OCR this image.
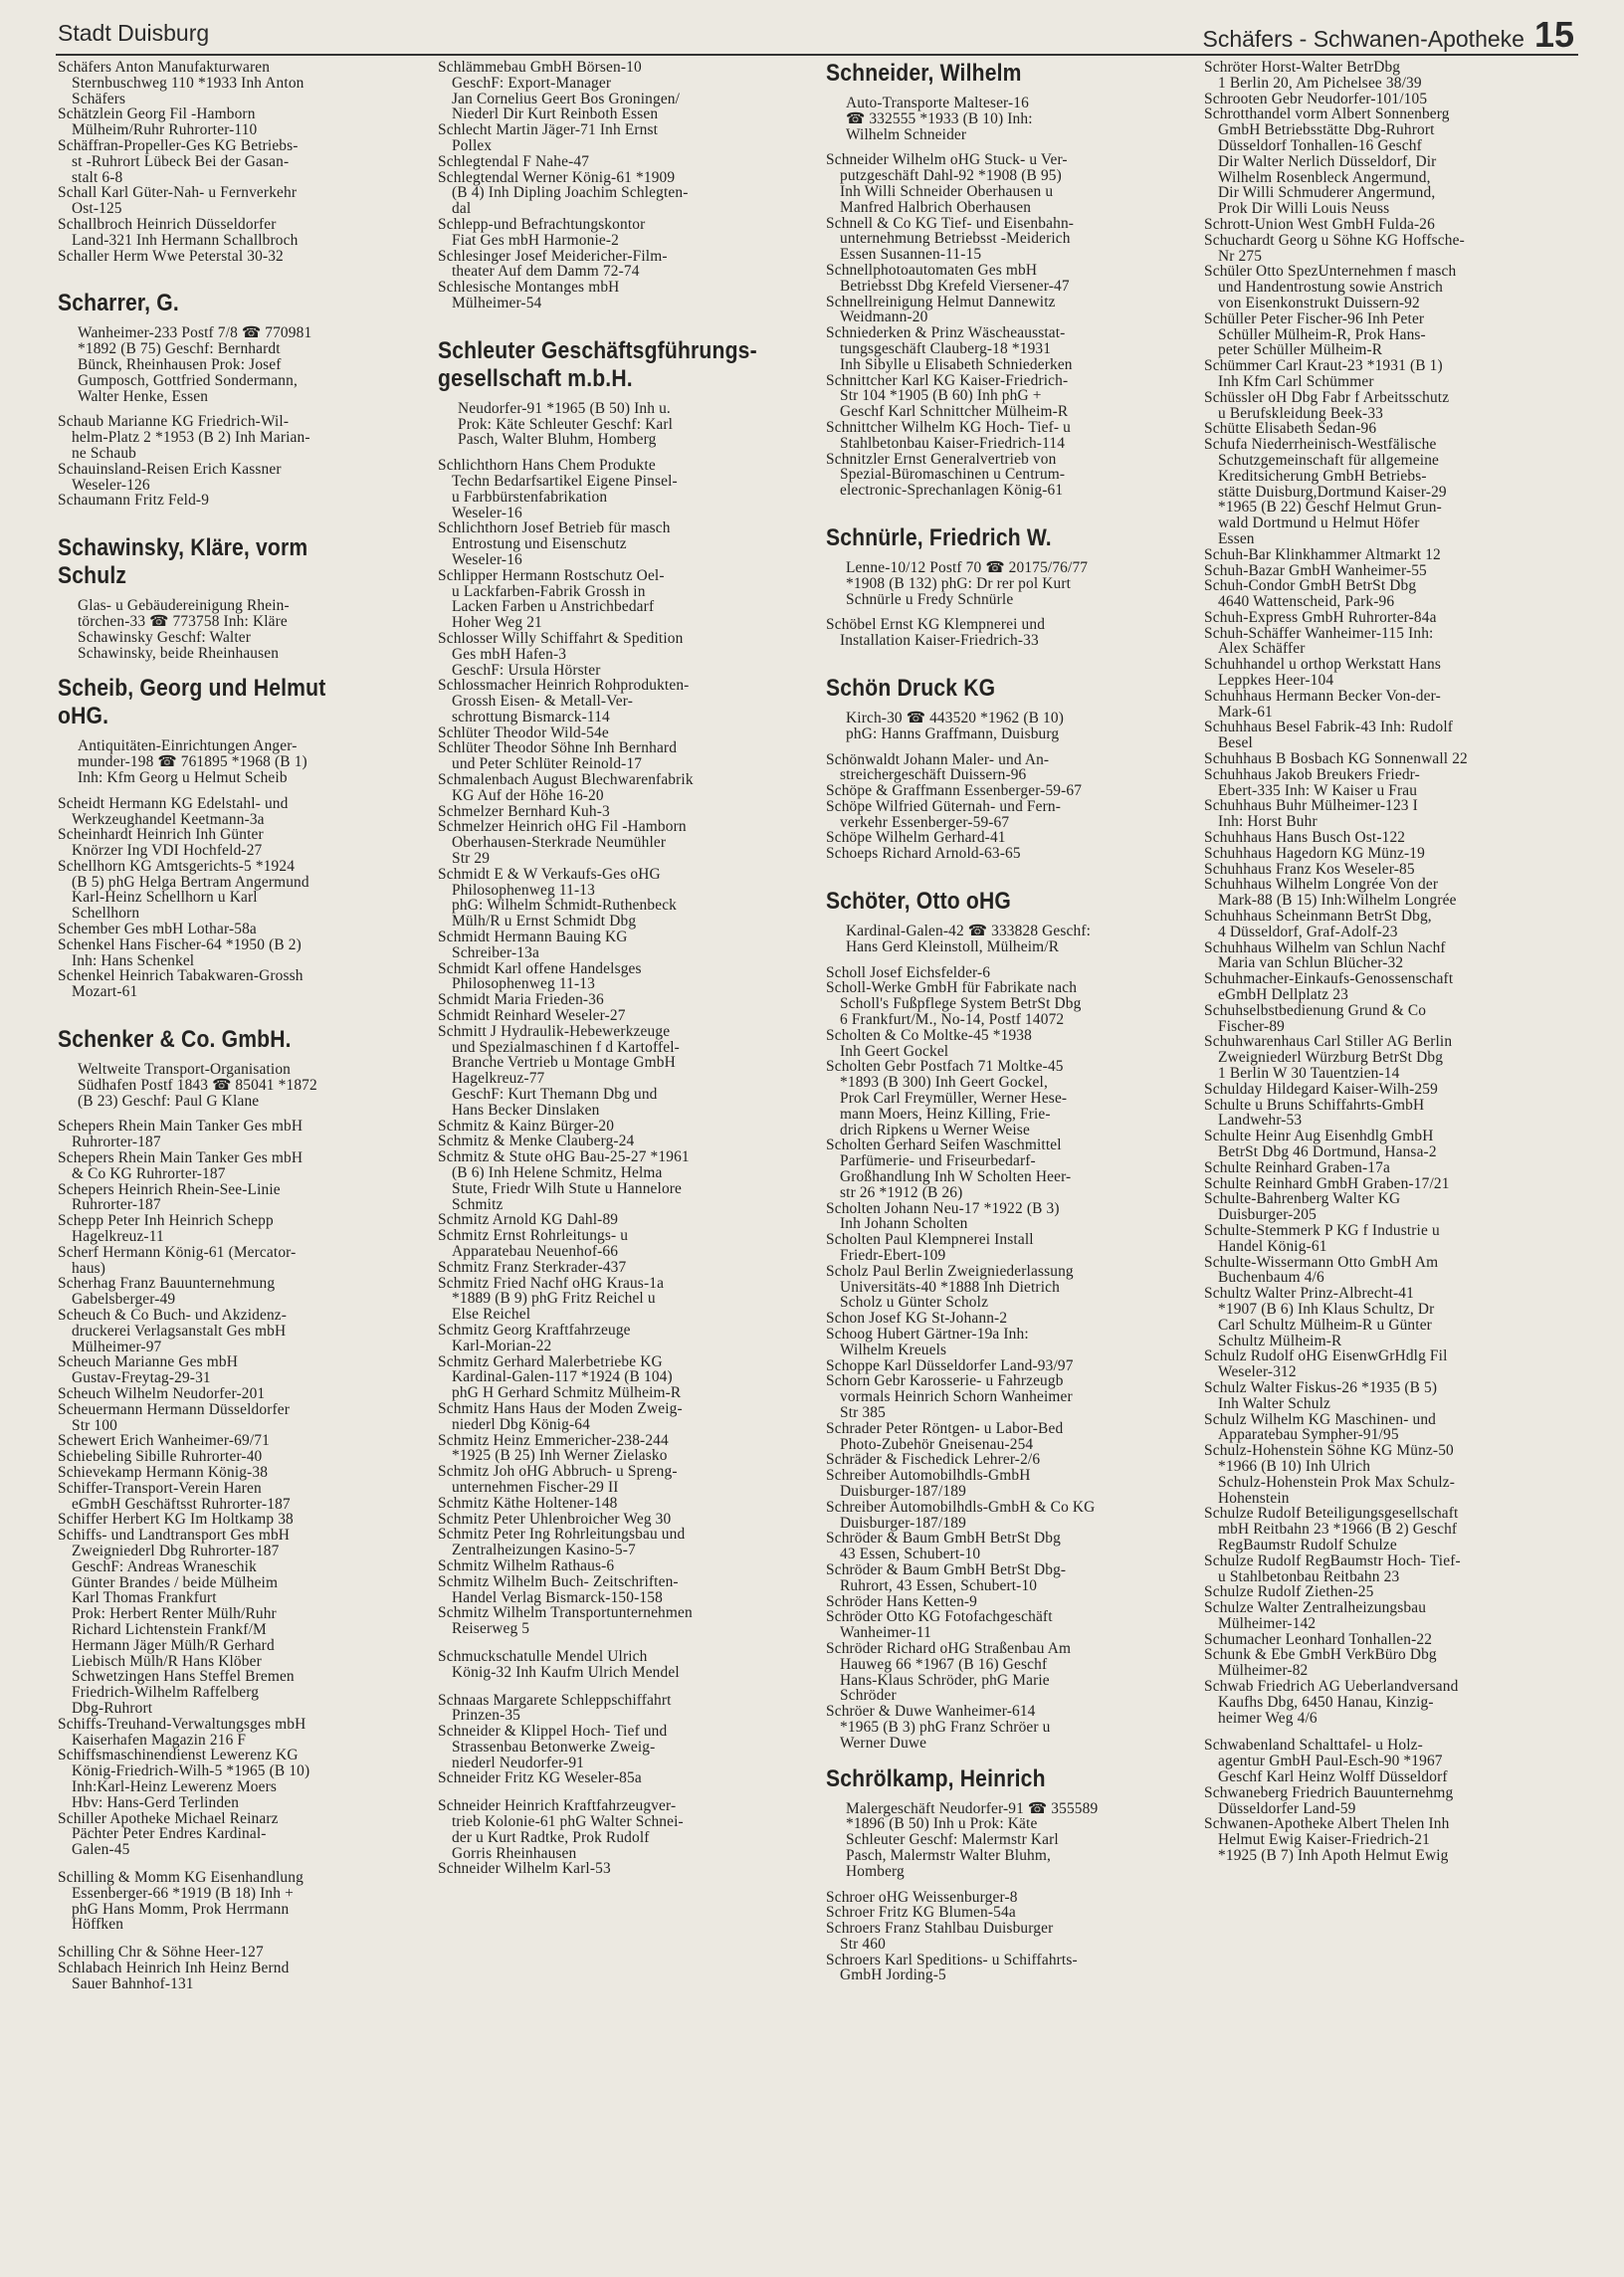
Stadt Duisburg	Schäfers - Schwanen-Apotheke 15
Schäfers Anton Manufakturwaren
Sternbuschweg 110 *1933 Inh Anton
Schäfers
Schätzlein Georg Fil -Hamborn
Mülheim/Ruhr Ruhrorter-110
Schäffran-Propeller-Ges KG Betriebs-
st -Ruhrort Lübeck Bei der Gasan-
stalt 6-8
Schall Karl Güter-Nah- u Fernverkehr
Ost-125
Schallbroch Heinrich Düsseldorfer
Land-321 Inh Hermann Schallbroch
Schaller Herm Wwe Peterstal 30-32
Scharrer, G.
Wanheimer-233 Postf 7/8 ☎ 770981
*1892 (B 75) Geschf: Bernhardt
Bünck, Rheinhausen Prok: Josef
Gumposch, Gottfried Sondermann,
Walter Henke, Essen
Schaub Marianne KG Friedrich-Wil-
helm-Platz 2 *1953 (B 2) Inh Marian-
ne Schaub
Schauinsland-Reisen Erich Kassner
Weseler-126
Schaumann Fritz Feld-9
Schawinsky, Kläre, vorm Schulz
Glas- u Gebäudereinigung Rhein-
törchen-33 ☎ 773758 Inh: Kläre
Schawinsky Geschf: Walter
Schawinsky, beide Rheinhausen
Scheib, Georg und Helmut oHG.
Antiquitäten-Einrichtungen Anger-
munder-198 ☎ 761895 *1968 (B 1)
Inh: Kfm Georg u Helmut Scheib
Scheidt Hermann KG Edelstahl- und
Werkzeughandel Keetmann-3a
Scheinhardt Heinrich Inh Günter
Knörzer Ing VDI Hochfeld-27
Schellhorn KG Amtsgerichts-5 *1924
(B 5) phG Helga Bertram Angermund
Karl-Heinz Schellhorn u Karl
Schellhorn
Schember Ges mbH Lothar-58a
Schenkel Hans Fischer-64 *1950 (B 2)
Inh: Hans Schenkel
Schenkel Heinrich Tabakwaren-Grossh
Mozart-61
Schenker & Co. GmbH.
Weltweite Transport-Organisation
Südhafen Postf 1843 ☎ 85041 *1872
(B 23) Geschf: Paul G Klane
Schepers Rhein Main Tanker Ges mbH
Ruhrorter-187
Schepers Rhein Main Tanker Ges mbH
& Co KG Ruhrorter-187
Schepers Heinrich Rhein-See-Linie
Ruhrorter-187
Schepp Peter Inh Heinrich Schepp
Hagelkreuz-11
Scherf Hermann König-61 (Mercator-
haus)
Scherhag Franz Bauunternehmung
Gabelsberger-49
Scheuch & Co Buch- und Akzidenz-
druckerei Verlagsanstalt Ges mbH
Mülheimer-97
Scheuch Marianne Ges mbH
Gustav-Freytag-29-31
Scheuch Wilhelm Neudorfer-201
Scheuermann Hermann Düsseldorfer
Str 100
Schewert Erich Wanheimer-69/71
Schiebeling Sibille Ruhrorter-40
Schievekamp Hermann König-38
Schiffer-Transport-Verein Haren
eGmbH Geschäftsst Ruhrorter-187
Schiffer Herbert KG Im Holtkamp 38
Schiffs- und Landtransport Ges mbH
Zweigniederl Dbg Ruhrorter-187
GeschF: Andreas Wraneschik
Günter Brandes / beide Mülheim
Karl Thomas Frankfurt
Prok: Herbert Renter Mülh/Ruhr
Richard Lichtenstein Frankf/M
Hermann Jäger Mülh/R Gerhard
Liebisch Mülh/R Hans Klöber
Schwetzingen Hans Steffel Bremen
Friedrich-Wilhelm Raffelberg
Dbg-Ruhrort
Schiffs-Treuhand-Verwaltungsges mbH
Kaiserhafen Magazin 216 F
Schiffsmaschinendienst Lewerenz KG
König-Friedrich-Wilh-5 *1965 (B 10)
Inh:Karl-Heinz Lewerenz Moers
Hbv: Hans-Gerd Terlinden
Schiller Apotheke Michael Reinarz
Pächter Peter Endres Kardinal-
Galen-45
Schilling & Momm KG Eisenhandlung
Essenberger-66 *1919 (B 18) Inh +
phG Hans Momm, Prok Herrmann
Höffken
Schilling Chr & Söhne Heer-127
Schlabach Heinrich Inh Heinz Bernd
Sauer Bahnhof-131
Schlämmebau GmbH Börsen-10
GeschF: Export-Manager
Jan Cornelius Geert Bos Groningen/
Niederl Dir Kurt Reinboth Essen
Schlecht Martin Jäger-71 Inh Ernst
Pollex
Schlegtendal F Nahe-47
Schlegtendal Werner König-61 *1909
(B 4) Inh Dipling Joachim Schlegten-
dal
Schlepp-und Befrachtungskontor
Fiat Ges mbH Harmonie-2
Schlesinger Josef Meidericher-Film-
theater Auf dem Damm 72-74
Schlesische Montanges mbH
Mülheimer-54
Schleuter Geschäftsgführungs-
gesellschaft m.b.H.
Neudorfer-91 *1965 (B 50) Inh u.
Prok: Käte Schleuter Geschf: Karl
Pasch, Walter Bluhm, Homberg
Schlichthorn Hans Chem Produkte
Techn Bedarfsartikel Eigene Pinsel-
u Farbbürstenfabrikation
Weseler-16
Schlichthorn Josef Betrieb für masch
Entrostung und Eisenschutz
Weseler-16
Schlipper Hermann Rostschutz Oel-
u Lackfarben-Fabrik Grossh in
Lacken Farben u Anstrichbedarf
Hoher Weg 21
Schlosser Willy Schiffahrt & Spedition
Ges mbH Hafen-3
GeschF: Ursula Hörster
Schlossmacher Heinrich Rohprodukten-
Grossh Eisen- & Metall-Ver-
schrottung Bismarck-114
Schlüter Theodor Wild-54e
Schlüter Theodor Söhne Inh Bernhard
und Peter Schlüter Reinold-17
Schmalenbach August Blechwarenfabrik
KG Auf der Höhe 16-20
Schmelzer Bernhard Kuh-3
Schmelzer Heinrich oHG Fil -Hamborn
Oberhausen-Sterkrade Neumühler
Str 29
Schmidt E & W Verkaufs-Ges oHG
Philosophenweg 11-13
phG: Wilhelm Schmidt-Ruthenbeck
Mülh/R u Ernst Schmidt Dbg
Schmidt Hermann Bauing KG
Schreiber-13a
Schmidt Karl offene Handelsges
Philosophenweg 11-13
Schmidt Maria Frieden-36
Schmidt Reinhard Weseler-27
Schmitt J Hydraulik-Hebewerkzeuge
und Spezialmaschinen f d Kartoffel-
Branche Vertrieb u Montage GmbH
Hagelkreuz-77
GeschF: Kurt Themann Dbg und
Hans Becker Dinslaken
Schmitz & Kainz Bürger-20
Schmitz & Menke Clauberg-24
Schmitz & Stute oHG Bau-25-27 *1961
(B 6) Inh Helene Schmitz, Helma
Stute, Friedr Wilh Stute u Hannelore
Schmitz
Schmitz Arnold KG Dahl-89
Schmitz Ernst Rohrleitungs- u
Apparatebau Neuenhof-66
Schmitz Franz Sterkrader-437
Schmitz Fried Nachf oHG Kraus-1a
*1889 (B 9) phG Fritz Reichel u
Else Reichel
Schmitz Georg Kraftfahrzeuge
Karl-Morian-22
Schmitz Gerhard Malerbetriebe KG
Kardinal-Galen-117 *1924 (B 104)
phG H Gerhard Schmitz Mülheim-R
Schmitz Hans Haus der Moden Zweig-
niederl Dbg König-64
Schmitz Heinz Emmericher-238-244
*1925 (B 25) Inh Werner Zielasko
Schmitz Joh oHG Abbruch- u Spreng-
unternehmen Fischer-29 II
Schmitz Käthe Holtener-148
Schmitz Peter Uhlenbroicher Weg 30
Schmitz Peter Ing Rohrleitungsbau und
Zentralheizungen Kasino-5-7
Schmitz Wilhelm Rathaus-6
Schmitz Wilhelm Buch- Zeitschriften-
Handel Verlag Bismarck-150-158
Schmitz Wilhelm Transportunternehmen
Reiserweg 5
Schmuckschatulle Mendel Ulrich
König-32 Inh Kaufm Ulrich Mendel
Schnaas Margarete Schleppschiffahrt
Prinzen-35
Schneider & Klippel Hoch- Tief und
Strassenbau Betonwerke Zweig-
niederl Neudorfer-91
Schneider Fritz KG Weseler-85a
Schneider Heinrich Kraftfahrzeugver-
trieb Kolonie-61 phG Walter Schnei-
der u Kurt Radtke, Prok Rudolf
Gorris Rheinhausen
Schneider Wilhelm Karl-53
Schneider, Wilhelm
Auto-Transporte Malteser-16
☎ 332555 *1933 (B 10) Inh:
Wilhelm Schneider
Schneider Wilhelm oHG Stuck- u Ver-
putzgeschäft Dahl-92 *1908 (B 95)
Inh Willi Schneider Oberhausen u
Manfred Halbrich Oberhausen
Schnell & Co KG Tief- und Eisenbahn-
unternehmung Betriebsst -Meiderich
Essen Susannen-11-15
Schnellphotoautomaten Ges mbH
Betriebsst Dbg Krefeld Viersener-47
Schnellreinigung Helmut Dannewitz
Weidmann-20
Schniederken & Prinz Wäscheausstat-
tungsgeschäft Clauberg-18 *1931
Inh Sibylle u Elisabeth Schniederken
Schnittcher Karl KG Kaiser-Friedrich-
Str 104 *1905 (B 60) Inh phG +
Geschf Karl Schnittcher Mülheim-R
Schnittcher Wilhelm KG Hoch- Tief- u
Stahlbetonbau Kaiser-Friedrich-114
Schnitzler Ernst Generalvertrieb von
Spezial-Büromaschinen u Centrum-
electronic-Sprechanlagen König-61
Schnürle, Friedrich W.
Lenne-10/12 Postf 70 ☎ 20175/76/77
*1908 (B 132) phG: Dr rer pol Kurt
Schnürle u Fredy Schnürle
Schöbel Ernst KG Klempnerei und
Installation Kaiser-Friedrich-33
Schön Druck KG
Kirch-30 ☎ 443520 *1962 (B 10)
phG: Hanns Graffmann, Duisburg
Schönwaldt Johann Maler- und An-
streichergeschäft Duissern-96
Schöpe & Graffmann Essenberger-59-67
Schöpe Wilfried Güternah- und Fern-
verkehr Essenberger-59-67
Schöpe Wilhelm Gerhard-41
Schoeps Richard Arnold-63-65
Schöter, Otto oHG
Kardinal-Galen-42 ☎ 333828 Geschf:
Hans Gerd Kleinstoll, Mülheim/R
Scholl Josef Eichsfelder-6
Scholl-Werke GmbH für Fabrikate nach
Scholl's Fußpflege System BetrSt Dbg
6 Frankfurt/M., No-14, Postf 14072
Scholten & Co Moltke-45 *1938
Inh Geert Gockel
Scholten Gebr Postfach 71 Moltke-45
*1893 (B 300) Inh Geert Gockel,
Prok Carl Freymüller, Werner Hese-
mann Moers, Heinz Killing, Frie-
drich Ripkens u Werner Weise
Scholten Gerhard Seifen Waschmittel
Parfümerie- und Friseurbedarf-
Großhandlung Inh W Scholten Heer-
str 26 *1912 (B 26)
Scholten Johann Neu-17 *1922 (B 3)
Inh Johann Scholten
Scholten Paul Klempnerei Install
Friedr-Ebert-109
Scholz Paul Berlin Zweigniederlassung
Universitäts-40 *1888 Inh Dietrich
Scholz u Günter Scholz
Schon Josef KG St-Johann-2
Schoog Hubert Gärtner-19a Inh:
Wilhelm Kreuels
Schoppe Karl Düsseldorfer Land-93/97
Schorn Gebr Karosserie- u Fahrzeugb
vormals Heinrich Schorn Wanheimer
Str 385
Schrader Peter Röntgen- u Labor-Bed
Photo-Zubehör Gneisenau-254
Schräder & Fischedick Lehrer-2/6
Schreiber Automobilhdls-GmbH
Duisburger-187/189
Schreiber Automobilhdls-GmbH & Co KG
Duisburger-187/189
Schröder & Baum GmbH BetrSt Dbg
43 Essen, Schubert-10
Schröder & Baum GmbH BetrSt Dbg-
Ruhrort, 43 Essen, Schubert-10
Schröder Hans Ketten-9
Schröder Otto KG Fotofachgeschäft
Wanheimer-11
Schröder Richard oHG Straßenbau Am
Hauweg 66 *1967 (B 16) Geschf
Hans-Klaus Schröder, phG Marie
Schröder
Schröer & Duwe Wanheimer-614
*1965 (B 3) phG Franz Schröer u
Werner Duwe
Schrölkamp, Heinrich
Malergeschäft Neudorfer-91 ☎ 355589
*1896 (B 50) Inh u Prok: Käte
Schleuter Geschf: Malermstr Karl
Pasch, Malermstr Walter Bluhm,
Homberg
Schroer oHG Weissenburger-8
Schroer Fritz KG Blumen-54a
Schroers Franz Stahlbau Duisburger
Str 460
Schroers Karl Speditions- u Schiffahrts-
GmbH Jording-5
Schröter Horst-Walter BetrDbg
1 Berlin 20, Am Pichelsee 38/39
Schrooten Gebr Neudorfer-101/105
Schrotthandel vorm Albert Sonnenberg
GmbH Betriebsstätte Dbg-Ruhrort
Düsseldorf Tonhallen-16 Geschf
Dir Walter Nerlich Düsseldorf, Dir
Wilhelm Rosenbleck Angermund,
Dir Willi Schmuderer Angermund,
Prok Dir Willi Louis Neuss
Schrott-Union West GmbH Fulda-26
Schuchardt Georg u Söhne KG Hoffsche-
Nr 275
Schüler Otto SpezUnternehmen f masch
und Handentrostung sowie Anstrich
von Eisenkonstrukt Duissern-92
Schüller Peter Fischer-96 Inh Peter
Schüller Mülheim-R, Prok Hans-
peter Schüller Mülheim-R
Schümmer Carl Kraut-23 *1931 (B 1)
Inh Kfm Carl Schümmer
Schüssler oH Dbg Fabr f Arbeitsschutz
u Berufskleidung Beek-33
Schütte Elisabeth Sedan-96
Schufa Niederrheinisch-Westfälische
Schutzgemeinschaft für allgemeine
Kreditsicherung GmbH Betriebs-
stätte Duisburg,Dortmund Kaiser-29
*1965 (B 22) Geschf Helmut Grun-
wald Dortmund u Helmut Höfer
Essen
Schuh-Bar Klinkhammer Altmarkt 12
Schuh-Bazar GmbH Wanheimer-55
Schuh-Condor GmbH BetrSt Dbg
4640 Wattenscheid, Park-96
Schuh-Express GmbH Ruhrorter-84a
Schuh-Schäffer Wanheimer-115 Inh:
Alex Schäffer
Schuhhandel u orthop Werkstatt Hans
Leppkes Heer-104
Schuhhaus Hermann Becker Von-der-
Mark-61
Schuhhaus Besel Fabrik-43 Inh: Rudolf
Besel
Schuhhaus B Bosbach KG Sonnenwall 22
Schuhhaus Jakob Breukers Friedr-
Ebert-335 Inh: W Kaiser u Frau
Schuhhaus Buhr Mülheimer-123 I
Inh: Horst Buhr
Schuhhaus Hans Busch Ost-122
Schuhhaus Hagedorn KG Münz-19
Schuhhaus Franz Kos Weseler-85
Schuhhaus Wilhelm Longrée Von der
Mark-88 (B 15) Inh:Wilhelm Longrée
Schuhhaus Scheinmann BetrSt Dbg,
4 Düsseldorf, Graf-Adolf-23
Schuhhaus Wilhelm van Schlun Nachf
Maria van Schlun Blücher-32
Schuhmacher-Einkaufs-Genossenschaft
eGmbH Dellplatz 23
Schuhselbstbedienung Grund & Co
Fischer-89
Schuhwarenhaus Carl Stiller AG Berlin
Zweigniederl Würzburg BetrSt Dbg
1 Berlin W 30 Tauentzien-14
Schulday Hildegard Kaiser-Wilh-259
Schulte u Bruns Schiffahrts-GmbH
Landwehr-53
Schulte Heinr Aug Eisenhdlg GmbH
BetrSt Dbg 46 Dortmund, Hansa-2
Schulte Reinhard Graben-17a
Schulte Reinhard GmbH Graben-17/21
Schulte-Bahrenberg Walter KG
Duisburger-205
Schulte-Stemmerk P KG f Industrie u
Handel König-61
Schulte-Wissermann Otto GmbH Am
Buchenbaum 4/6
Schultz Walter Prinz-Albrecht-41
*1907 (B 6) Inh Klaus Schultz, Dr
Carl Schultz Mülheim-R u Günter
Schultz Mülheim-R
Schulz Rudolf oHG EisenwGrHdlg Fil
Weseler-312
Schulz Walter Fiskus-26 *1935 (B 5)
Inh Walter Schulz
Schulz Wilhelm KG Maschinen- und
Apparatebau Sympher-91/95
Schulz-Hohenstein Söhne KG Münz-50
*1966 (B 10) Inh Ulrich
Schulz-Hohenstein Prok Max Schulz-
Hohenstein
Schulze Rudolf Beteiligungsgesellschaft
mbH Reitbahn 23 *1966 (B 2) Geschf
RegBaumstr Rudolf Schulze
Schulze Rudolf RegBaumstr Hoch- Tief-
u Stahlbetonbau Reitbahn 23
Schulze Rudolf Ziethen-25
Schulze Walter Zentralheizungsbau
Mülheimer-142
Schumacher Leonhard Tonhallen-22
Schunk & Ebe GmbH VerkBüro Dbg
Mülheimer-82
Schwab Friedrich AG Ueberlandversand
Kaufhs Dbg, 6450 Hanau, Kinzig-
heimer Weg 4/6
Schwabenland Schalttafel- u Holz-
agentur GmbH Paul-Esch-90 *1967
Geschf Karl Heinz Wolff Düsseldorf
Schwaneberg Friedrich Bauunternehmg
Düsseldorfer Land-59
Schwanen-Apotheke Albert Thelen Inh
Helmut Ewig Kaiser-Friedrich-21
*1925 (B 7) Inh Apoth Helmut Ewig
